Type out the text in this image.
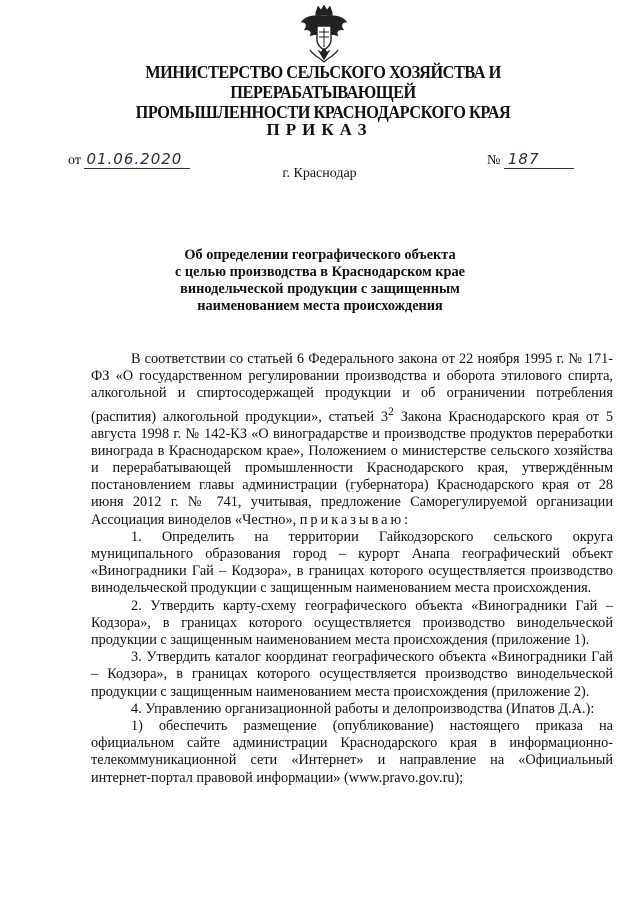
МИНИСТЕРСТВО СЕЛЬСКОГО ХОЗЯЙСТВА И ПЕРЕРАБАТЫВАЮЩЕЙ
ПРОМЫШЛЕННОСТИ КРАСНОДАРСКОГО КРАЯ
ПРИКАЗ
от 01.06.2020	№ 187
г. Краснодар
Об определении географического объекта
с целью производства в Краснодарском крае
винодельческой продукции с защищенным
наименованием места происхождения

В соответствии со статьей 6 Федерального закона от 22 ноября 1995 г. № 171-ФЗ «О государственном регулировании производства и оборота этилового спирта, алкогольной и спиртосодержащей продукции и об ограничении потребления (распития) алкогольной продукции», статьей $3^2$ Закона Краснодарского края от 5 августа 1998 г. № 142-КЗ «О виноградарстве и производстве продуктов переработки винограда в Краснодарском крае», Положением о министерстве сельского хозяйства и перерабатывающей промышленности Краснодарского края, утверждённым постановлением главы администрации (губернатора) Краснодарского края от 28 июня 2012 г. № 741, учитывая, предложение Саморегулируемой организации Ассоциация виноделов «Честно», приказываю:

1. Определить на территории Гайкодзорского сельского округа муниципального образования город – курорт Анапа географический объект «Виноградники Гай – Кодзора», в границах которого осуществляется производство винодельческой продукции с защищенным наименованием места происхождения.

2. Утвердить карту-схему географического объекта «Виноградники Гай – Кодзора», в границах которого осуществляется производство винодельческой продукции с защищенным наименованием места происхождения (приложение 1).

3. Утвердить каталог координат географического объекта «Виноградники Гай – Кодзора», в границах которого осуществляется производство винодельческой продукции с защищенным наименованием места происхождения (приложение 2).

4. Управлению организационной работы и делопроизводства (Ипатов Д.А.):

1) обеспечить размещение (опубликование) настоящего приказа на официальном сайте администрации Краснодарского края в информационно-телекоммуникационной сети «Интернет» и направление на «Официальный интернет-портал правовой информации» (www.pravo.gov.ru);
